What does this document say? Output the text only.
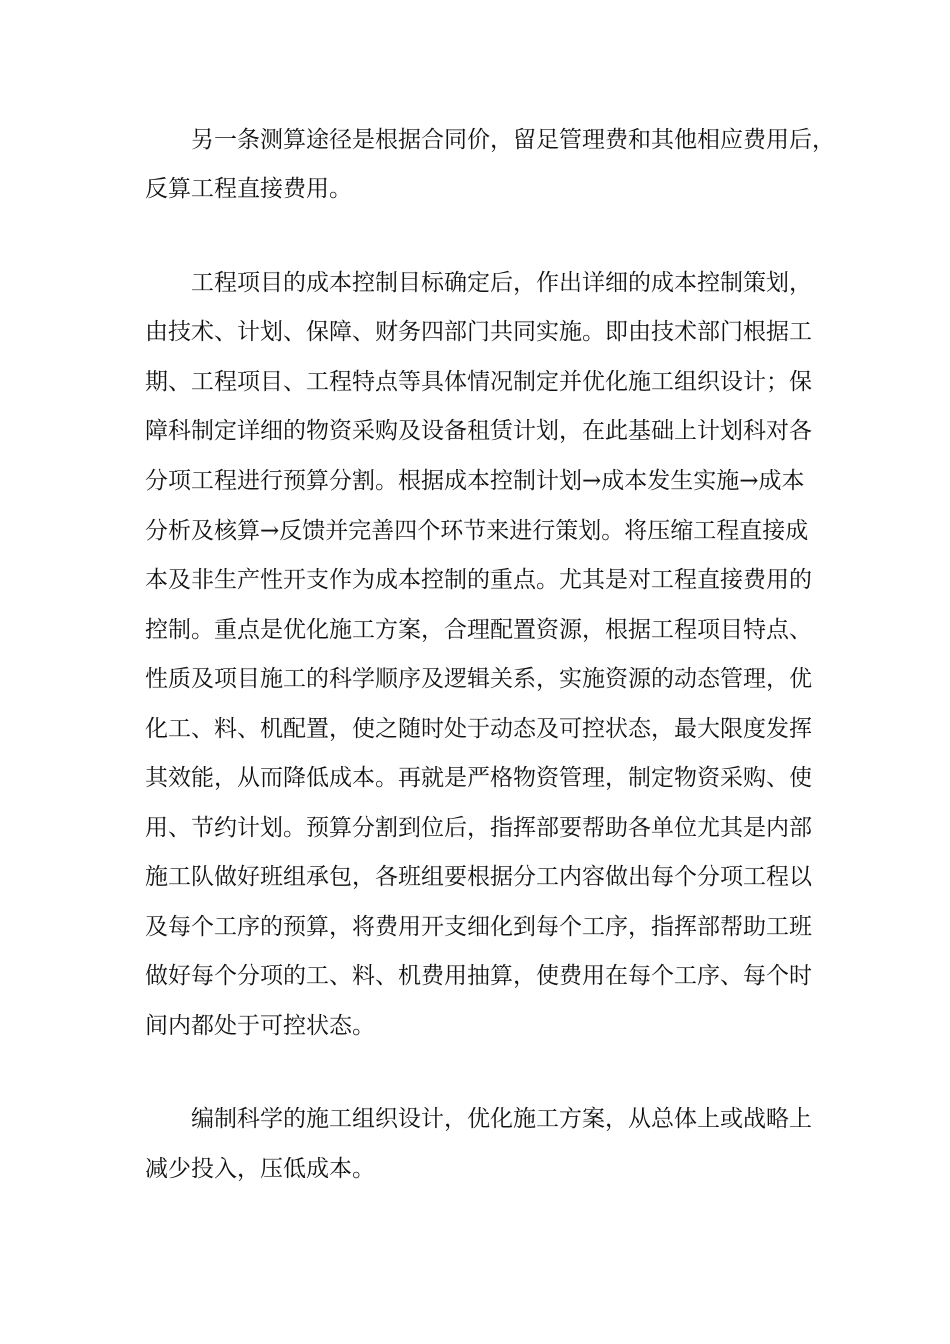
另一条测算途径是根据合同价，留足管理费和其他相应费用后，

反算工程直接费用。

工程项目的成本控制目标确定后，作出详细的成本控制策划，

由技术、计划、保障、财务四部门共同实施。即由技术部门根据工

期、工程项目、工程特点等具体情况制定并优化施工组织设计；保

障科制定详细的物资采购及设备租赁计划，在此基础上计划科对各

分项工程进行预算分割。根据成本控制计划→成本发生实施→成本

分析及核算→反馈并完善四个环节来进行策划。将压缩工程直接成

本及非生产性开支作为成本控制的重点。尤其是对工程直接费用的

控制。重点是优化施工方案，合理配置资源，根据工程项目特点、

性质及项目施工的科学顺序及逻辑关系，实施资源的动态管理，优

化工、料、机配置，使之随时处于动态及可控状态，最大限度发挥

其效能，从而降低成本。再就是严格物资管理，制定物资采购、使

用、节约计划。预算分割到位后，指挥部要帮助各单位尤其是内部

施工队做好班组承包，各班组要根据分工内容做出每个分项工程以

及每个工序的预算，将费用开支细化到每个工序，指挥部帮助工班

做好每个分项的工、料、机费用抽算，使费用在每个工序、每个时

间内都处于可控状态。

编制科学的施工组织设计，优化施工方案，从总体上或战略上

减少投入，压低成本。
